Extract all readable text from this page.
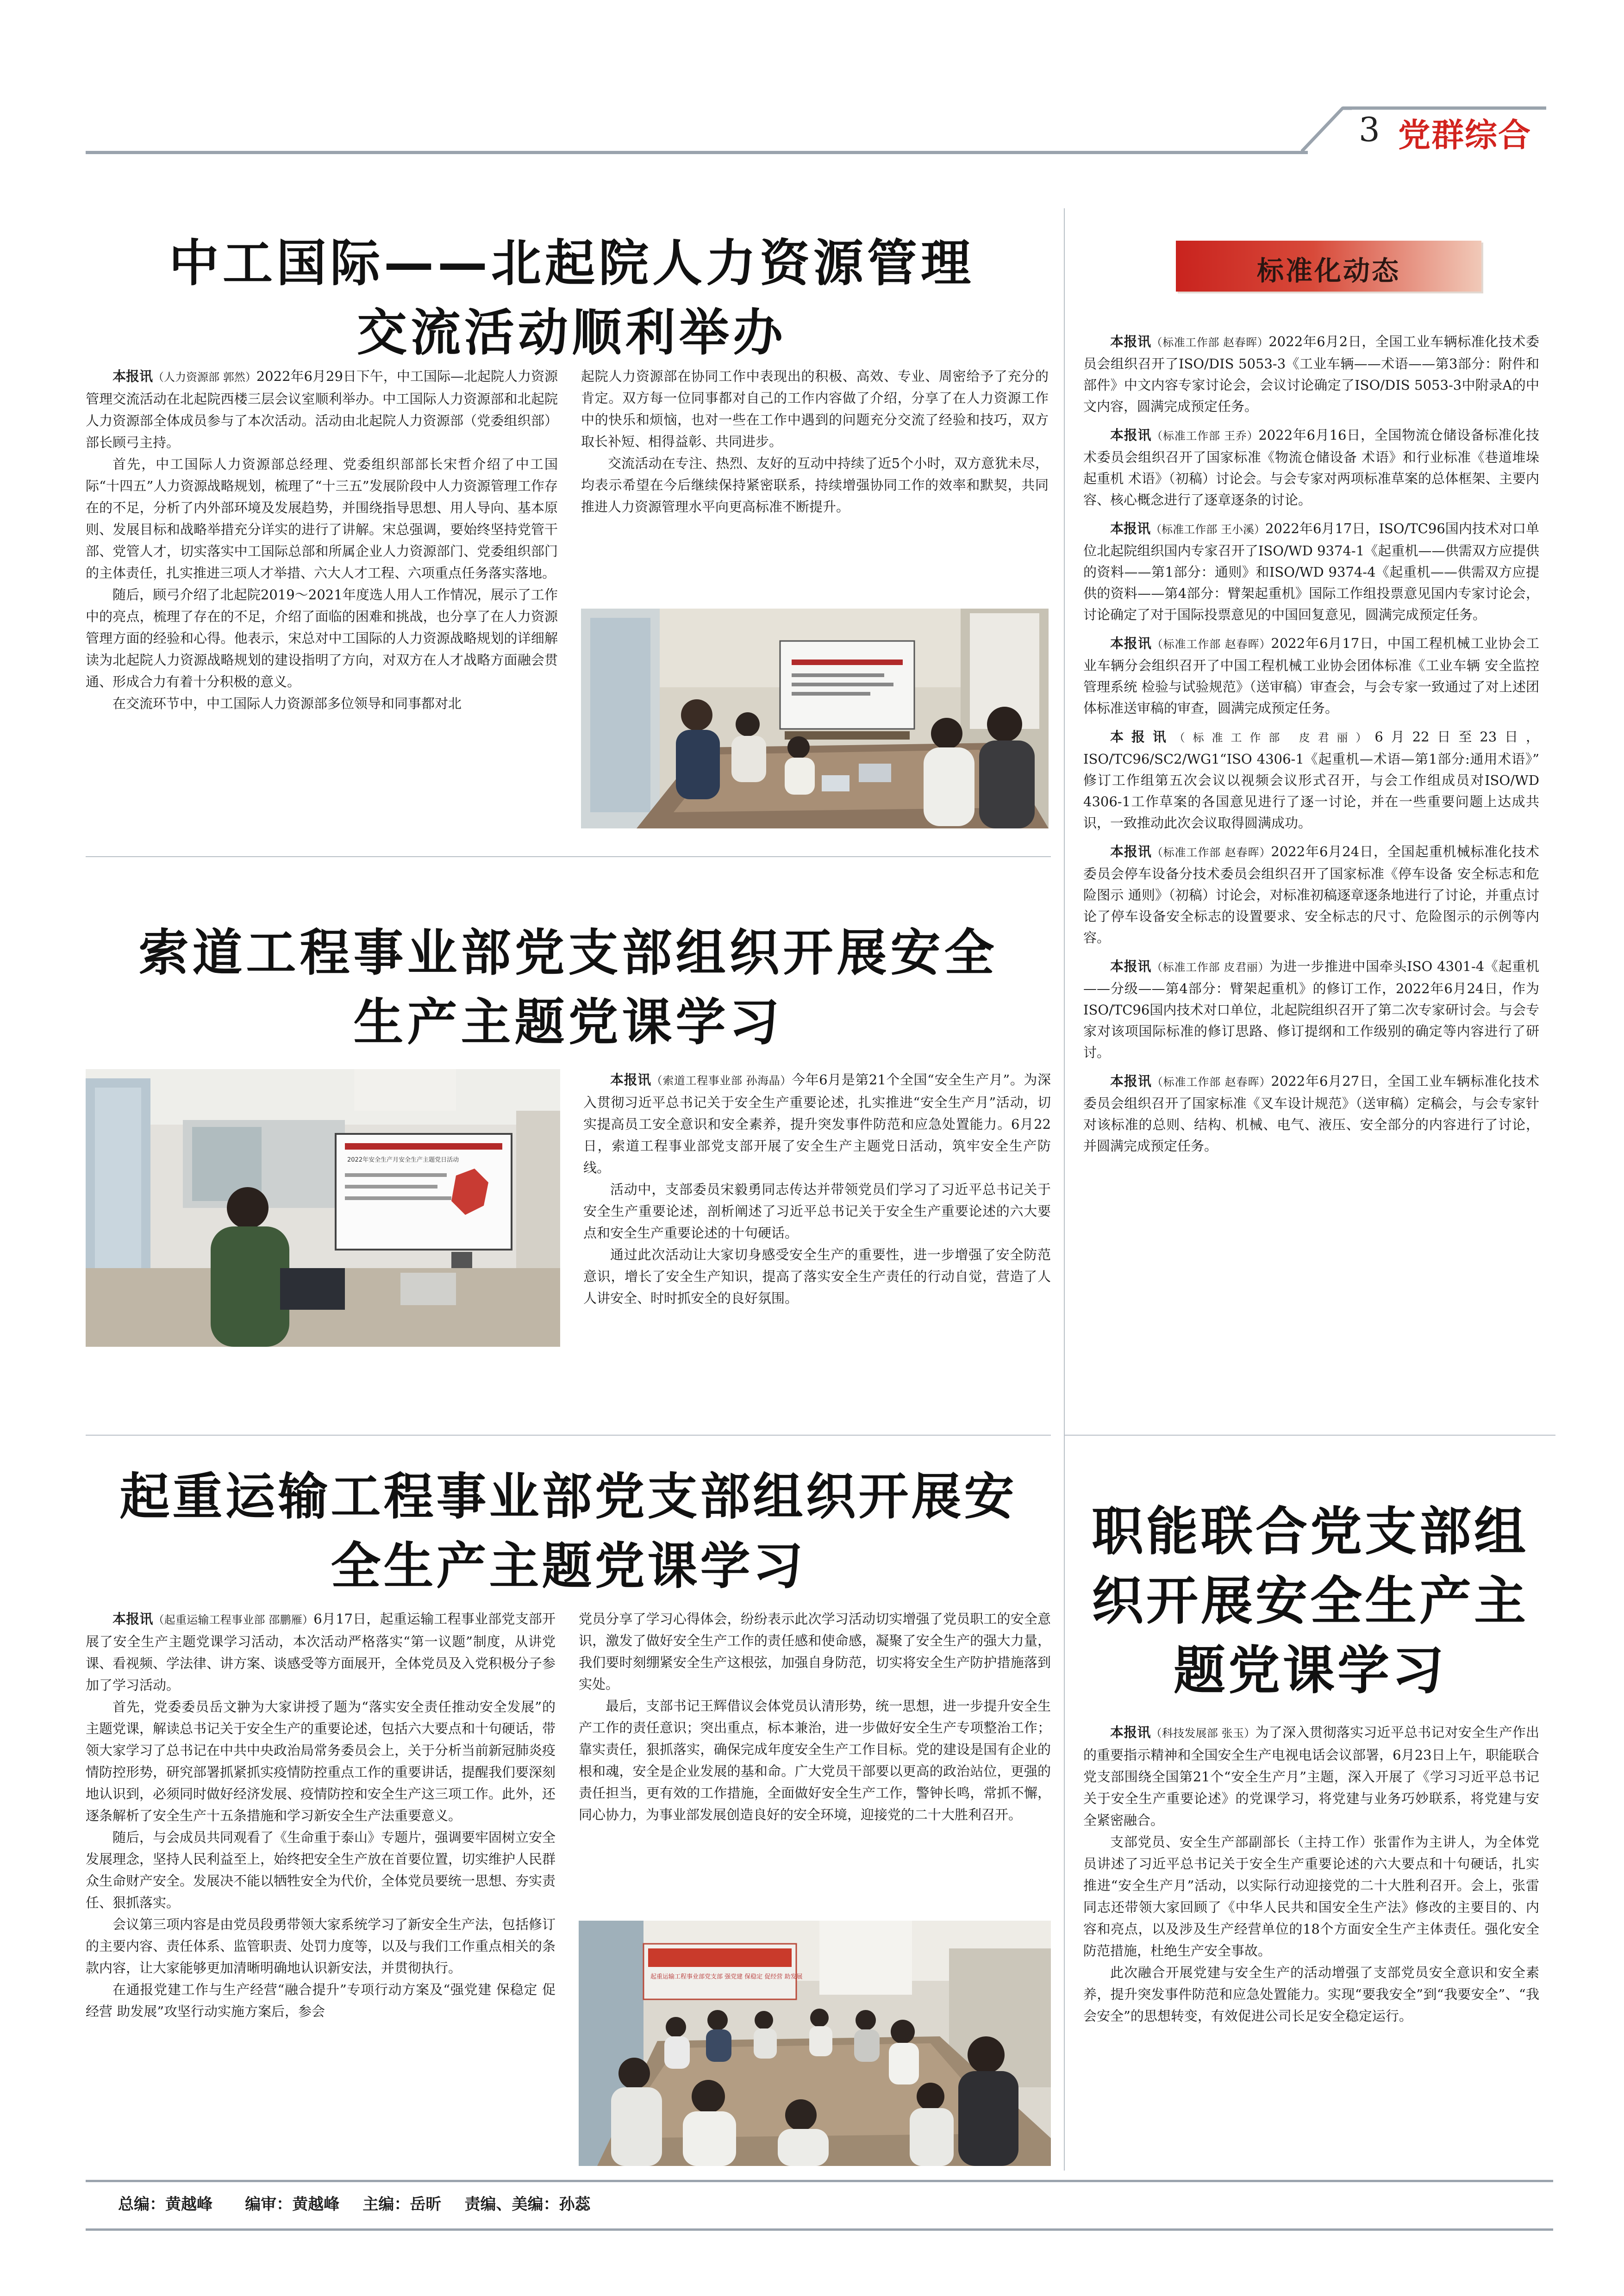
3 党群综合
中工国际——北起院人力资源管理
交流活动顺利举办

本报讯（人力资源部 郭然）2022年6月29日下午，中工国际—北起院人力资源管理交流活动在北起院西楼三层会议室顺利举办。中工国际人力资源部和北起院人力资源部全体成员参与了本次活动。活动由北起院人力资源部（党委组织部）部长顾弓主持。

首先，中工国际人力资源部总经理、党委组织部部长宋哲介绍了中工国际“十四五”人力资源战略规划，梳理了“十三五”发展阶段中人力资源管理工作存在的不足，分析了内外部环境及发展趋势，并围绕指导思想、用人导向、基本原则、发展目标和战略举措充分详实的进行了讲解。宋总强调，要始终坚持党管干部、党管人才，切实落实中工国际总部和所属企业人力资源部门、党委组织部门的主体责任，扎实推进三项人才举措、六大人才工程、六项重点任务落实落地。

随后，顾弓介绍了北起院2019～2021年度选人用人工作情况，展示了工作中的亮点，梳理了存在的不足，介绍了面临的困难和挑战，也分享了在人力资源管理方面的经验和心得。他表示，宋总对中工国际的人力资源战略规划的详细解读为北起院人力资源战略规划的建设指明了方向，对双方在人才战略方面融会贯通、形成合力有着十分积极的意义。

在交流环节中，中工国际人力资源部多位领导和同事都对北

起院人力资源部在协同工作中表现出的积极、高效、专业、周密给予了充分的肯定。双方每一位同事都对自己的工作内容做了介绍，分享了在人力资源工作中的快乐和烦恼，也对一些在工作中遇到的问题充分交流了经验和技巧，双方取长补短、相得益彰、共同进步。

交流活动在专注、热烈、友好的互动中持续了近5个小时，双方意犹未尽，均表示希望在今后继续保持紧密联系，持续增强协同工作的效率和默契，共同推进人力资源管理水平向更高标准不断提升。

索道工程事业部党支部组织开展安全
生产主题党课学习
2022年安全生产月安全生产主题党日活动

本报讯（索道工程事业部 孙海晶）今年6月是第21个全国“安全生产月”。为深入贯彻习近平总书记关于安全生产重要论述，扎实推进“安全生产月”活动，切实提高员工安全意识和安全素养，提升突发事件防范和应急处置能力。6月22日，索道工程事业部党支部开展了安全生产主题党日活动，筑牢安全生产防线。

活动中，支部委员宋毅勇同志传达并带领党员们学习了习近平总书记关于安全生产重要论述，剖析阐述了习近平总书记关于安全生产重要论述的六大要点和安全生产重要论述的十句硬话。

通过此次活动让大家切身感受安全生产的重要性，进一步增强了安全防范意识，增长了安全生产知识，提高了落实安全生产责任的行动自觉，营造了人人讲安全、时时抓安全的良好氛围。

起重运输工程事业部党支部组织开展安
全生产主题党课学习

本报讯（起重运输工程事业部 邵鹏雁）6月17日，起重运输工程事业部党支部开展了安全生产主题党课学习活动，本次活动严格落实“第一议题”制度，从讲党课、看视频、学法律、讲方案、谈感受等方面展开，全体党员及入党积极分子参加了学习活动。

首先，党委委员岳文翀为大家讲授了题为“落实安全责任推动安全发展”的主题党课，解读总书记关于安全生产的重要论述，包括六大要点和十句硬话，带领大家学习了总书记在中共中央政治局常务委员会上，关于分析当前新冠肺炎疫情防控形势，研究部署抓紧抓实疫情防控重点工作的重要讲话，提醒我们要深刻地认识到，必须同时做好经济发展、疫情防控和安全生产这三项工作。此外，还逐条解析了安全生产十五条措施和学习新安全生产法重要意义。

随后，与会成员共同观看了《生命重于泰山》专题片，强调要牢固树立安全发展理念，坚持人民利益至上，始终把安全生产放在首要位置，切实维护人民群众生命财产安全。发展决不能以牺牲安全为代价，全体党员要统一思想、夯实责任、狠抓落实。

会议第三项内容是由党员段勇带领大家系统学习了新安全生产法，包括修订的主要内容、责任体系、监管职责、处罚力度等，以及与我们工作重点相关的条款内容，让大家能够更加清晰明确地认识新安法，并贯彻执行。

在通报党建工作与生产经营“融合提升”专项行动方案及“强党建 保稳定 促经营 助发展”攻坚行动实施方案后，参会

党员分享了学习心得体会，纷纷表示此次学习活动切实增强了党员职工的安全意识，激发了做好安全生产工作的责任感和使命感，凝聚了安全生产的强大力量，我们要时刻绷紧安全生产这根弦，加强自身防范，切实将安全生产防护措施落到实处。

最后，支部书记王辉借议会体党员认清形势，统一思想，进一步提升安全生产工作的责任意识；突出重点，标本兼治，进一步做好安全生产专项整治工作；靠实责任，狠抓落实，确保完成年度安全生产工作目标。党的建设是国有企业的根和魂，安全是企业发展的基和命。广大党员干部要以更高的政治站位，更强的责任担当，更有效的工作措施，全面做好安全生产工作，警钟长鸣，常抓不懈，同心协力，为事业部发展创造良好的安全环境，迎接党的二十大胜利召开。

起重运输工程事业部党支部 强党建 保稳定 促经营 助发展
标准化动态

本报讯（标准工作部 赵春晖）2022年6月2日，全国工业车辆标准化技术委员会组织召开了ISO/DIS 5053-3《工业车辆——术语——第3部分：附件和部件》中文内容专家讨论会，会议讨论确定了ISO/DIS 5053-3中附录A的中文内容，圆满完成预定任务。

本报讯（标准工作部 王乔）2022年6月16日，全国物流仓储设备标准化技术委员会组织召开了国家标准《物流仓储设备 术语》和行业标准《巷道堆垛起重机 术语》（初稿）讨论会。与会专家对两项标准草案的总体框架、主要内容、核心概念进行了逐章逐条的讨论。

本报讯（标准工作部 王小溪）2022年6月17日，ISO/TC96国内技术对口单位北起院组织国内专家召开了ISO/WD 9374-1《起重机——供需双方应提供的资料——第1部分：通则》和ISO/WD 9374-4《起重机——供需双方应提供的资料——第4部分：臂架起重机》国际工作组投票意见国内专家讨论会，讨论确定了对于国际投票意见的中国回复意见，圆满完成预定任务。

本报讯（标准工作部 赵春晖）2022年6月17日，中国工程机械工业协会工业车辆分会组织召开了中国工程机械工业协会团体标准《工业车辆 安全监控管理系统 检验与试验规范》（送审稿）审查会，与会专家一致通过了对上述团体标准送审稿的审查，圆满完成预定任务。

本报讯（标准工作部 皮君丽）6月22日至23日，ISO/TC96/SC2/WG1“ISO 4306-1《起重机—术语—第1部分:通用术语》” 修订工作组第五次会议以视频会议形式召开，与会工作组成员对ISO/WD 4306-1工作草案的各国意见进行了逐一讨论，并在一些重要问题上达成共识，一致推动此次会议取得圆满成功。

本报讯（标准工作部 赵春晖）2022年6月24日，全国起重机械标准化技术委员会停车设备分技术委员会组织召开了国家标准《停车设备 安全标志和危险图示 通则》（初稿）讨论会，对标准初稿逐章逐条地进行了讨论，并重点讨论了停车设备安全标志的设置要求、安全标志的尺寸、危险图示的示例等内容。

本报讯（标准工作部 皮君丽）为进一步推进中国牵头ISO 4301-4《起重机——分级——第4部分：臂架起重机》的修订工作，2022年6月24日，作为ISO/TC96国内技术对口单位，北起院组织召开了第二次专家研讨会。与会专家对该项国际标准的修订思路、修订提纲和工作级别的确定等内容进行了研讨。

本报讯（标准工作部 赵春晖）2022年6月27日，全国工业车辆标准化技术委员会组织召开了国家标准《叉车设计规范》（送审稿）定稿会，与会专家针对该标准的总则、结构、机械、电气、液压、安全部分的内容进行了讨论，并圆满完成预定任务。

职能联合党支部组
织开展安全生产主
题党课学习

本报讯（科技发展部 张玉）为了深入贯彻落实习近平总书记对安全生产作出的重要指示精神和全国安全生产电视电话会议部署，6月23日上午，职能联合党支部围绕全国第21个“安全生产月”主题，深入开展了《学习习近平总书记关于安全生产重要论述》的党课学习，将党建与业务巧妙联系，将党建与安全紧密融合。

支部党员、安全生产部副部长（主持工作）张雷作为主讲人，为全体党员讲述了习近平总书记关于安全生产重要论述的六大要点和十句硬话，扎实推进“安全生产月”活动，以实际行动迎接党的二十大胜利召开。会上，张雷同志还带领大家回顾了《中华人民共和国安全生产法》修改的主要目的、内容和亮点，以及涉及生产经营单位的18个方面安全生产主体责任。强化安全防范措施，杜绝生产安全事故。

此次融合开展党建与安全生产的活动增强了支部党员安全意识和安全素养，提升突发事件防范和应急处置能力。实现“要我安全”到“我要安全”、“我会安全”的思想转变，有效促进公司长足安全稳定运行。

总编：黄越峰 编审：黄越峰 主编：岳昕 责编、美编：孙蕊
